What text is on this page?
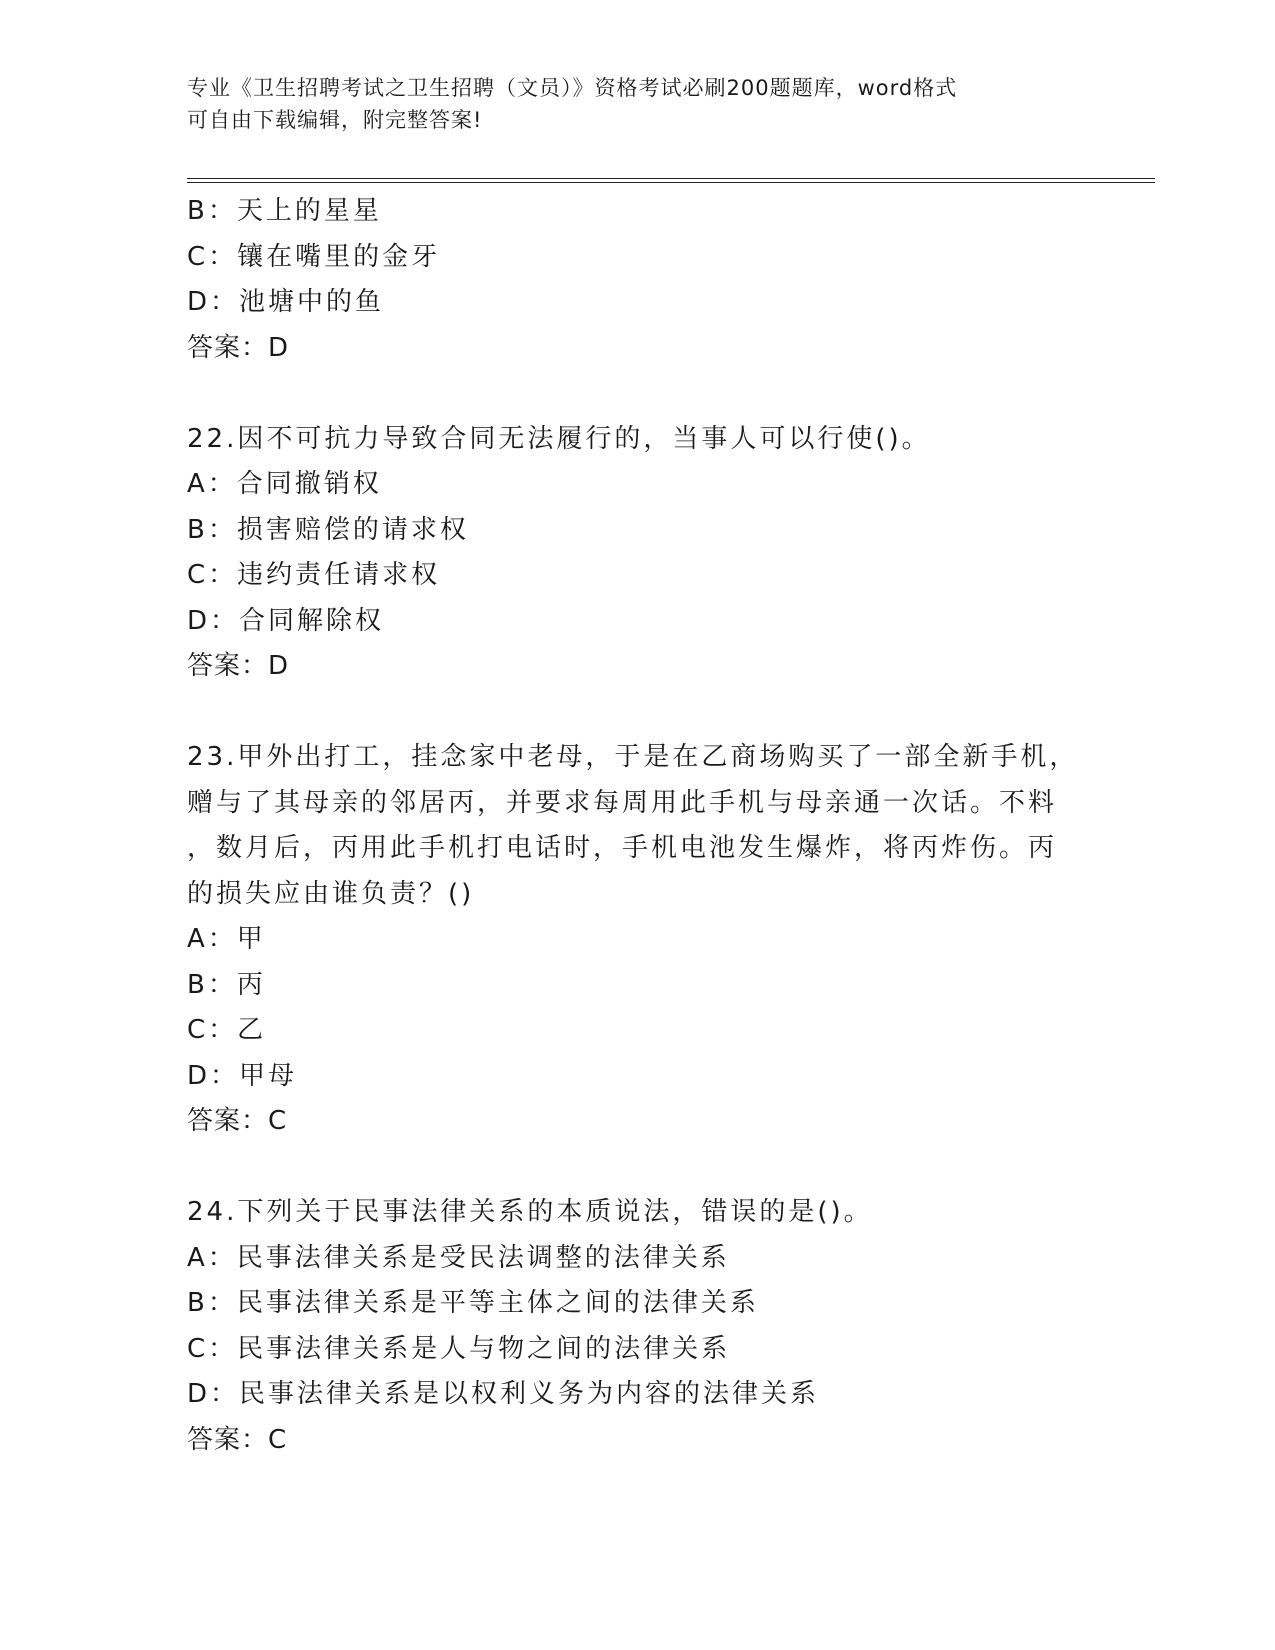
专业《卫生招聘考试之卫生招聘（文员）》资格考试必刷200题题库，word格式
可自由下载编辑，附完整答案!
B：天上的星星
C：镶在嘴里的金牙
D：池塘中的鱼
答案：D
22.因不可抗力导致合同无法履行的，当事人可以行使()。
A：合同撤销权
B：损害赔偿的请求权
C：违约责任请求权
D：合同解除权
答案：D
23.甲外出打工，挂念家中老母，于是在乙商场购买了一部全新手机，
赠与了其母亲的邻居丙，并要求每周用此手机与母亲通一次话。不料
，数月后，丙用此手机打电话时，手机电池发生爆炸，将丙炸伤。丙
的损失应由谁负责？()
A：甲
B：丙
C：乙
D：甲母
答案：C
24.下列关于民事法律关系的本质说法，错误的是()。
A：民事法律关系是受民法调整的法律关系
B：民事法律关系是平等主体之间的法律关系
C：民事法律关系是人与物之间的法律关系
D：民事法律关系是以权利义务为内容的法律关系
答案：C
